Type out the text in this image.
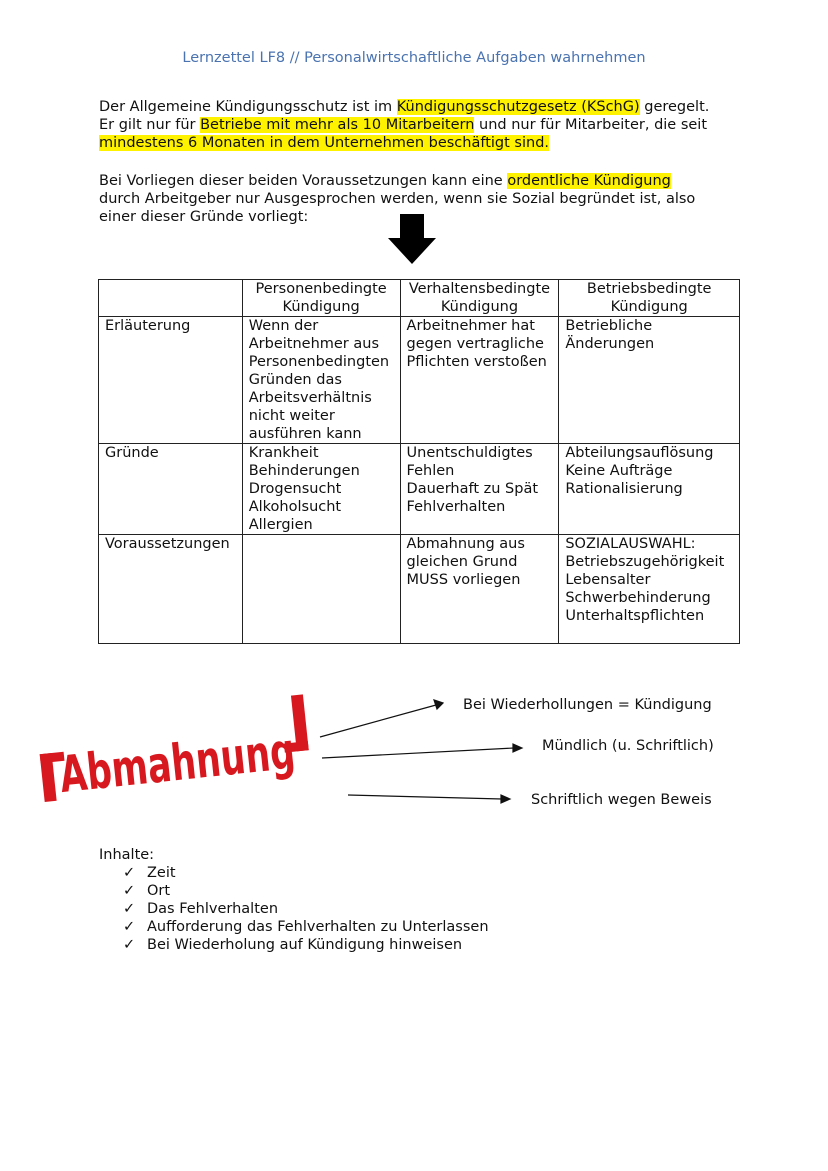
Lernzettel LF8 // Personalwirtschaftliche Aufgaben wahrnehmen
Der Allgemeine Kündigungsschutz ist im Kündigungsschutzgesetz (KSchG) geregelt.
Er gilt nur für Betriebe mit mehr als 10 Mitarbeitern und nur für Mitarbeiter, die seit
mindestens 6 Monaten in dem Unternehmen beschäftigt sind.
Bei Vorliegen dieser beiden Voraussetzungen kann eine ordentliche Kündigung
durch Arbeitgeber nur Ausgesprochen werden, wenn sie Sozial begründet ist, also
einer dieser Gründe vorliegt:
	Personenbedingte Kündigung	Verhaltensbedingte Kündigung	Betriebsbedingte Kündigung
Erläuterung	Wenn der Arbeitnehmer aus Personenbedingten Gründen das Arbeitsverhältnis nicht weiter ausführen kann	Arbeitnehmer hat gegen vertragliche Pflichten verstoßen	Betriebliche Änderungen
Gründe	Krankheit
Behinderungen
Drogensucht
Alkoholsucht
Allergien	Unentschuldigtes Fehlen
Dauerhaft zu Spät
Fehlverhalten	Abteilungsauflösung
Keine Aufträge
Rationalisierung
Voraussetzungen		Abmahnung aus gleichen Grund MUSS vorliegen	SOZIALAUSWAHL:
Betriebszugehörigkeit
Lebensalter
Schwerbehinderung
Unterhaltspflichten
Abmahnung
Bei Wiederhollungen = Kündigung
Mündlich (u. Schriftlich)
Schriftlich wegen Beweis
Inhalte:
✓ Zeit
✓ Ort
✓ Das Fehlverhalten
✓ Aufforderung das Fehlverhalten zu Unterlassen
✓ Bei Wiederholung auf Kündigung hinweisen
